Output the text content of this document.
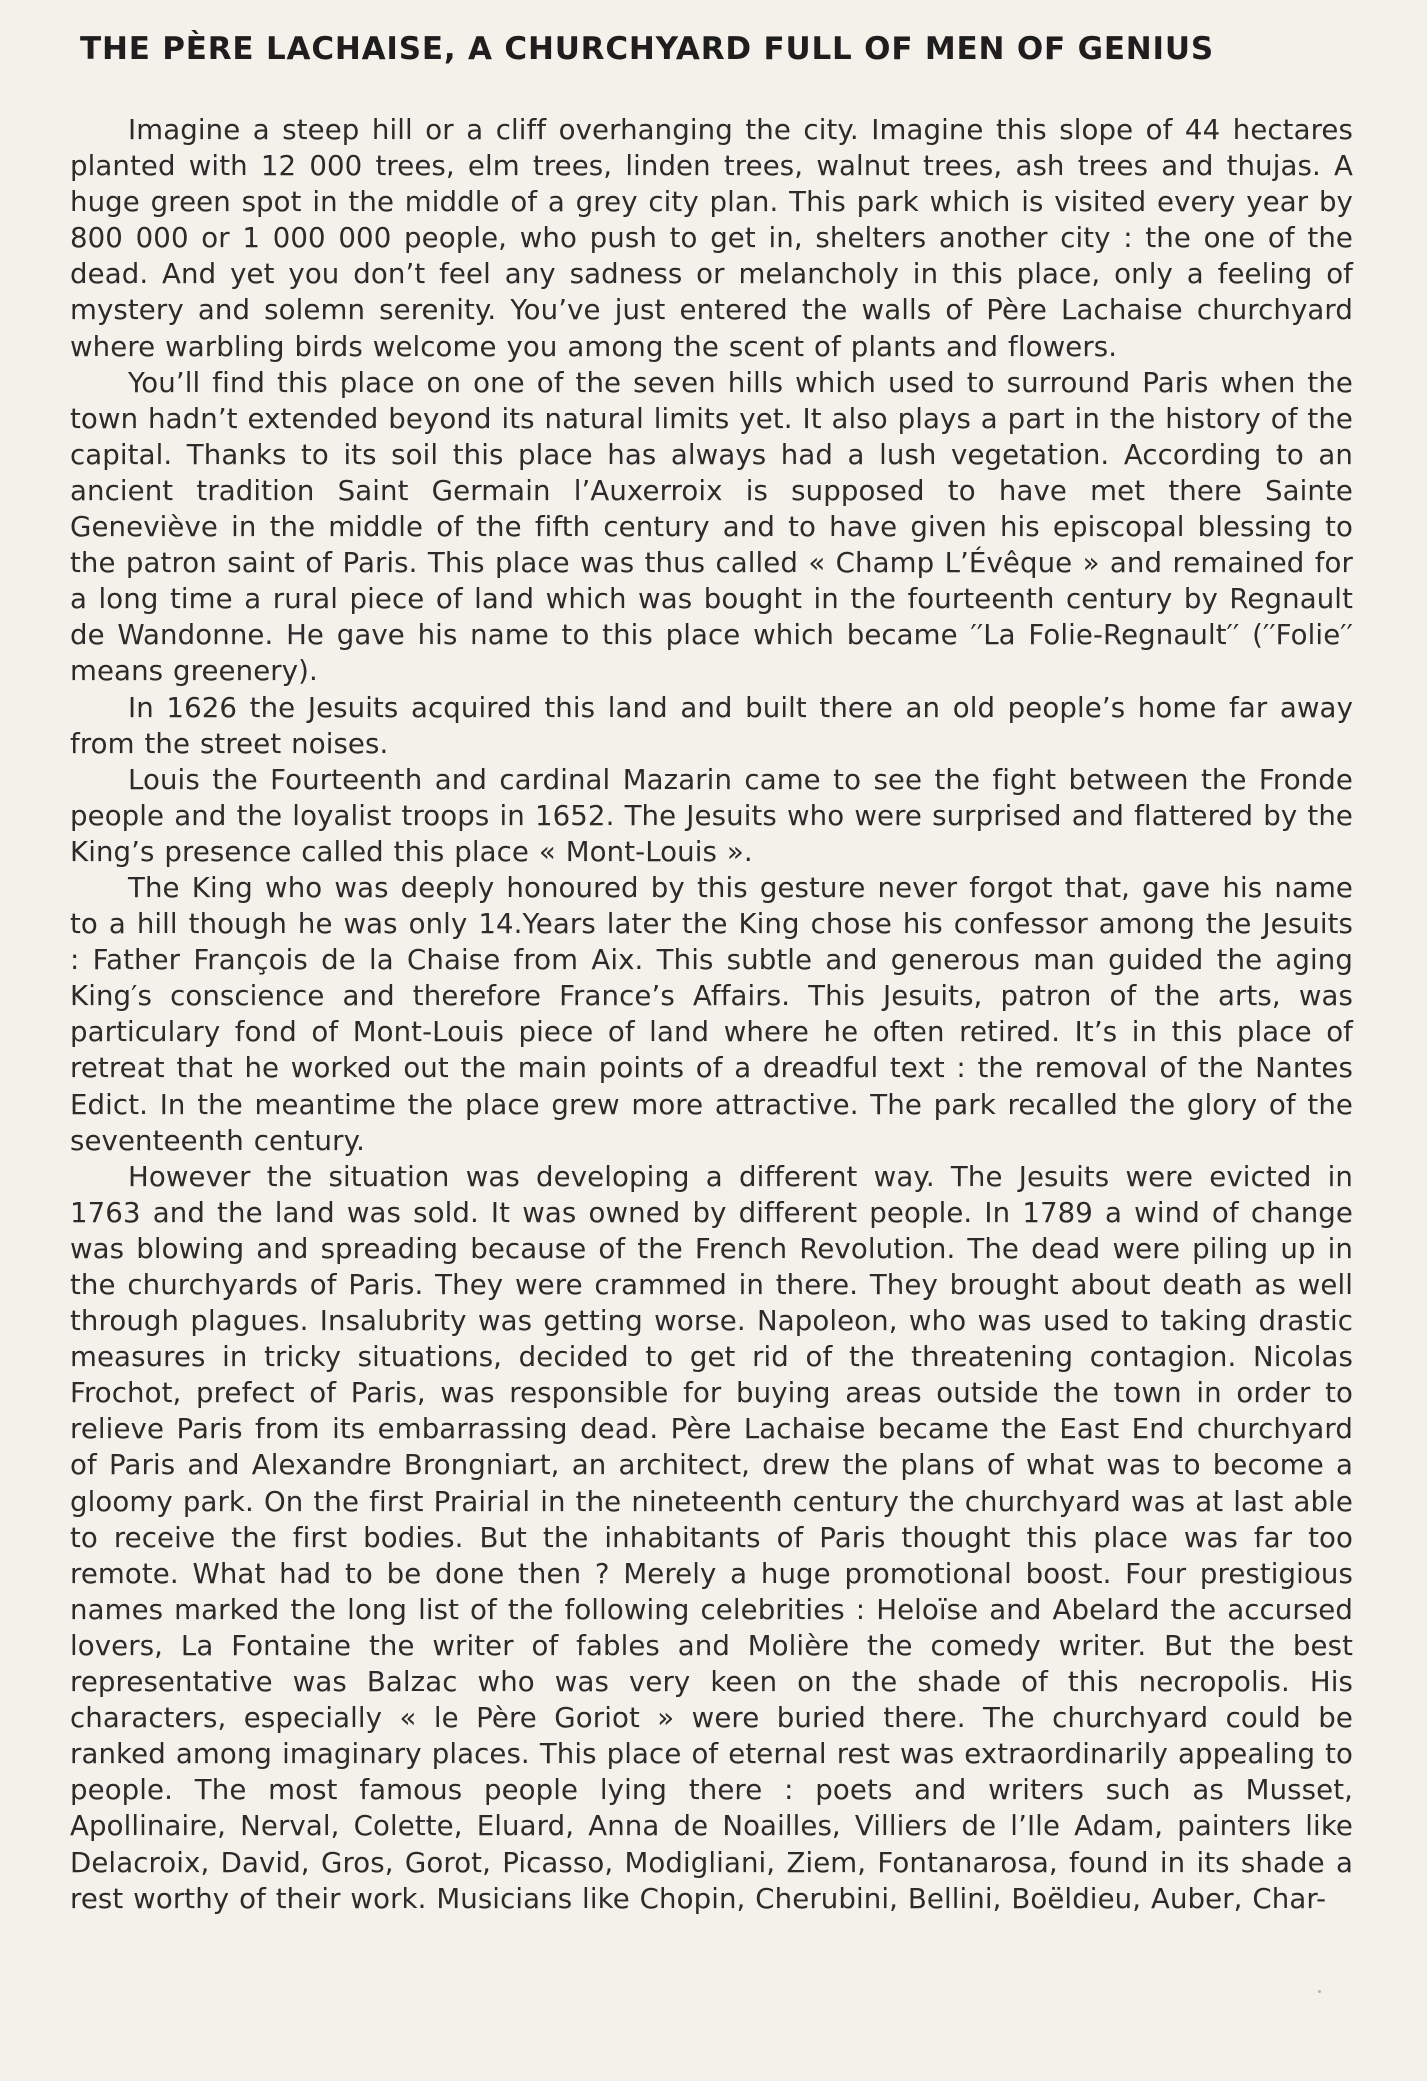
THE PÈRE LACHAISE, A CHURCHYARD FULL OF MEN OF GENIUS

Imagine a steep hill or a cliff overhanging the city. Imagine this slope of 44 hectares planted with 12 000 trees, elm trees, linden trees, walnut trees, ash trees and thujas. A huge green spot in the middle of a grey city plan. This park which is visited every year by 800 000 or 1 000 000 people, who push to get in, shelters another city : the one of the dead. And yet you don’t feel any sadness or melancholy in this place, only a feeling of mystery and solemn serenity. You’ve just entered the walls of Père Lachaise churchyard where warbling birds welcome you among the scent of plants and flowers.

You’ll find this place on one of the seven hills which used to surround Paris when the town hadn’t extended beyond its natural limits yet. It also plays a part in the history of the capital. Thanks to its soil this place has always had a lush vegetation. According to an ancient tradition Saint Germain l’Auxerroix is supposed to have met there Sainte Geneviève in the middle of the fifth century and to have given his episcopal blessing to the patron saint of Paris. This place was thus called « Champ L’Évêque » and remained for a long time a rural piece of land which was bought in the fourteenth century by Regnault de Wandonne. He gave his name to this place which became ′′La Folie-Regnault′′ (′′Folie′′ means greenery).

In 1626 the Jesuits acquired this land and built there an old people’s home far away from the street noises.

Louis the Fourteenth and cardinal Mazarin came to see the fight between the Fronde people and the loyalist troops in 1652. The Jesuits who were surprised and flattered by the King’s presence called this place « Mont-Louis ».

The King who was deeply honoured by this gesture never forgot that, gave his name to a hill though he was only 14.Years later the King chose his confessor among the Jesuits : Father François de la Chaise from Aix. This subtle and generous man guided the aging King′s conscience and therefore France’s Affairs. This Jesuits, patron of the arts, was particulary fond of Mont-Louis piece of land where he often retired. It’s in this place of retreat that he worked out the main points of a dreadful text : the removal of the Nantes Edict. In the meantime the place grew more attractive. The park recalled the glory of the seventeenth century.

However the situation was developing a different way. The Jesuits were evicted in 1763 and the land was sold. It was owned by different people. In 1789 a wind of change was blowing and spreading because of the French Revolution. The dead were piling up in the churchyards of Paris. They were crammed in there. They brought about death as well through plagues. Insalubrity was getting worse. Napoleon, who was used to taking drastic measures in tricky situations, decided to get rid of the threatening contagion. Nicolas Frochot, prefect of Paris, was responsible for buying areas outside the town in order to relieve Paris from its embarrassing dead. Père Lachaise became the East End churchyard of Paris and Alexandre Brongniart, an architect, drew the plans of what was to become a gloomy park. On the first Prairial in the nineteenth century the churchyard was at last able to receive the first bodies. But the inhabitants of Paris thought this place was far too remote. What had to be done then ? Merely a huge promotional boost. Four prestigious names marked the long list of the following celebrities : Heloïse and Abelard the accursed lovers, La Fontaine the writer of fables and Molière the comedy writer. But the best representative was Balzac who was very keen on the shade of this necropolis. His characters, especially « le Père Goriot » were buried there. The churchyard could be ranked among imaginary places. This place of eternal rest was extraordinarily appealing to people. The most famous people lying there : poets and writers such as Musset, Apollinaire, Nerval, Colette, Eluard, Anna de Noailles, Villiers de l’Ile Adam, painters like Delacroix, David, Gros, Gorot, Picasso, Modigliani, Ziem, Fontanarosa, found in its shade a rest worthy of their work. Musicians like Chopin, Cherubini, Bellini, Boëldieu, Auber, Char-
